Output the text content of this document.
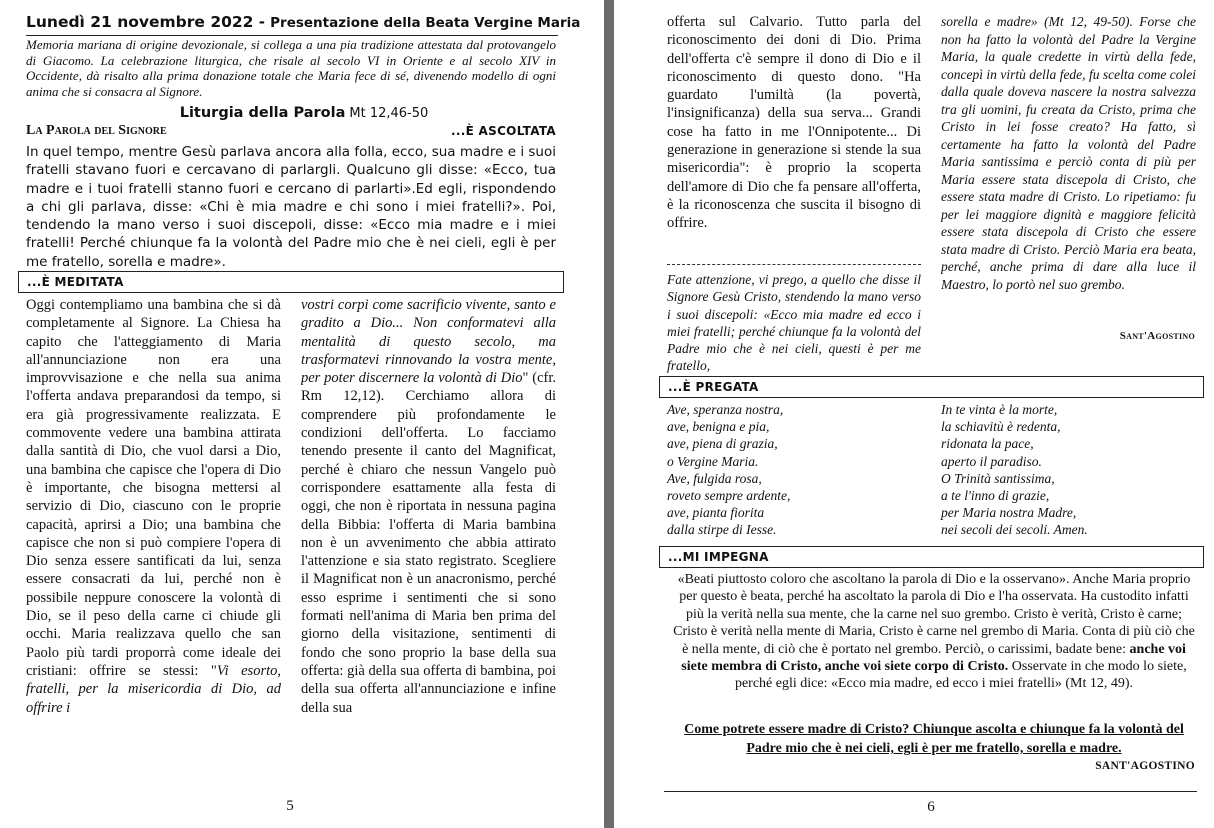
Lunedì 21 novembre 2022 - Presentazione della Beata Vergine Maria
Memoria mariana di origine devozionale, si collega a una pia tradizione attestata dal protovangelo di Giacomo. La celebrazione liturgica, che risale al secolo VI in Oriente e al secolo XIV in Occidente, dà risalto alla prima donazione totale che Maria fece di sé, divenendo modello di ogni anima che si consacra al Signore.
Liturgia della Parola Mt 12,46-50
La Parola del Signore	...È ASCOLTATA
In quel tempo, mentre Gesù parlava ancora alla folla, ecco, sua madre e i suoi fratelli stavano fuori e cercavano di parlargli. Qualcuno gli disse: «Ecco, tua madre e i tuoi fratelli stanno fuori e cercano di parlarti».Ed egli, rispondendo a chi gli parlava, disse: «Chi è mia madre e chi sono i miei fratelli?». Poi, tendendo la mano verso i suoi discepoli, disse: «Ecco mia madre e i miei fratelli! Perché chiunque fa la volontà del Padre mio che è nei cieli, egli è per me fratello, sorella e madre».
...È MEDITATA
Oggi contempliamo una bambina che si dà completamente al Signore. La Chiesa ha capito che l'atteggiamento di Maria all'annunciazione non era una improvvisazione e che nella sua anima l'offerta andava preparandosi da tempo, si era già progressivamente realizzata. E commovente vedere una bambina attirata dalla santità di Dio, che vuol darsi a Dio, una bambina che capisce che l'opera di Dio è importante, che bisogna mettersi al servizio di Dio, ciascuno con le proprie capacità, aprirsi a Dio; una bambina che capisce che non si può compiere l'opera di Dio senza essere santificati da lui, senza essere consacrati da lui, perché non è possibile neppure conoscere la volontà di Dio, se il peso della carne ci chiude gli occhi. Maria realizzava quello che san Paolo più tardi proporrà come ideale dei cristiani: offrire se stessi: "Vi esorto, fratelli, per la misericordia di Dio, ad offrire i
vostri corpi come sacrificio vivente, santo e gradito a Dio... Non conformatevi alla mentalità di questo secolo, ma trasformatevi rinnovando la vostra mente, per poter discernere la volontà di Dio" (cfr. Rm 12,12). Cerchiamo allora di comprendere più profondamente le condizioni dell'offerta. Lo facciamo tenendo presente il canto del Magnificat, perché è chiaro che nessun Vangelo può corrispondere esattamente alla festa di oggi, che non è riportata in nessuna pagina della Bibbia: l'offerta di Maria bambina non è un avvenimento che abbia attirato l'attenzione e sia stato registrato. Scegliere il Magnificat non è un anacronismo, perché esso esprime i sentimenti che si sono formati nell'anima di Maria ben prima del giorno della visitazione, sentimenti di fondo che sono proprio la base della sua offerta: già della sua offerta di bambina, poi della sua offerta all'annunciazione e infine della sua
5
offerta sul Calvario. Tutto parla del riconoscimento dei doni di Dio. Prima dell'offerta c'è sempre il dono di Dio e il riconoscimento di questo dono. "Ha guardato l'umiltà (la povertà, l'insignificanza) della sua serva... Grandi cose ha fatto in me l'Onnipotente... Di generazione in generazione si stende la sua misericordia": è proprio la scoperta dell'amore di Dio che fa pensare all'offerta, è la riconoscenza che suscita il bisogno di offrire.
Fate attenzione, vi prego, a quello che disse il Signore Gesù Cristo, stendendo la mano verso i suoi discepoli: «Ecco mia madre ed ecco i miei fratelli; perché chiunque fa la volontà del Padre mio che è nei cieli, questi è per me fratello,
sorella e madre» (Mt 12, 49-50). Forse che non ha fatto la volontà del Padre la Vergine Maria, la quale credette in virtù della fede, concepì in virtù della fede, fu scelta come colei dalla quale doveva nascere la nostra salvezza tra gli uomini, fu creata da Cristo, prima che Cristo in lei fosse creato? Ha fatto, sì certamente ha fatto la volontà del Padre Maria santissima e perciò conta di più per Maria essere stata discepola di Cristo, che essere stata madre di Cristo. Lo ripetiamo: fu per lei maggiore dignità e maggiore felicità essere stata discepola di Cristo che essere stata madre di Cristo. Perciò Maria era beata, perché, anche prima di dare alla luce il Maestro, lo portò nel suo grembo.
Sant'Agostino
...È PREGATA
Ave, speranza nostra,
ave, benigna e pia,
ave, piena di grazia,
o Vergine Maria.
Ave, fulgida rosa,
roveto sempre ardente,
ave, pianta fiorita
dalla stirpe di Iesse.
In te vinta è la morte,
la schiavitù è redenta,
ridonata la pace,
aperto il paradiso.
O Trinità santissima,
a te l'inno di grazie,
per Maria nostra Madre,
nei secoli dei secoli. Amen.
...MI IMPEGNA
«Beati piuttosto coloro che ascoltano la parola di Dio e la osservano». Anche Maria proprio per questo è beata, perché ha ascoltato la parola di Dio e l'ha osservata. Ha custodito infatti più la verità nella sua mente, che la carne nel suo grembo. Cristo è verità, Cristo è carne; Cristo è verità nella mente di Maria, Cristo è carne nel grembo di Maria. Conta di più ciò che è nella mente, di ciò che è portato nel grembo. Perciò, o carissimi, badate bene: anche voi siete membra di Cristo, anche voi siete corpo di Cristo. Osservate in che modo lo siete, perché egli dice: «Ecco mia madre, ed ecco i miei fratelli» (Mt 12, 49).
Come potrete essere madre di Cristo? Chiunque ascolta e chiunque fa la volontà del Padre mio che è nei cieli, egli è per me fratello, sorella e madre.
SANT'AGOSTINO
6
